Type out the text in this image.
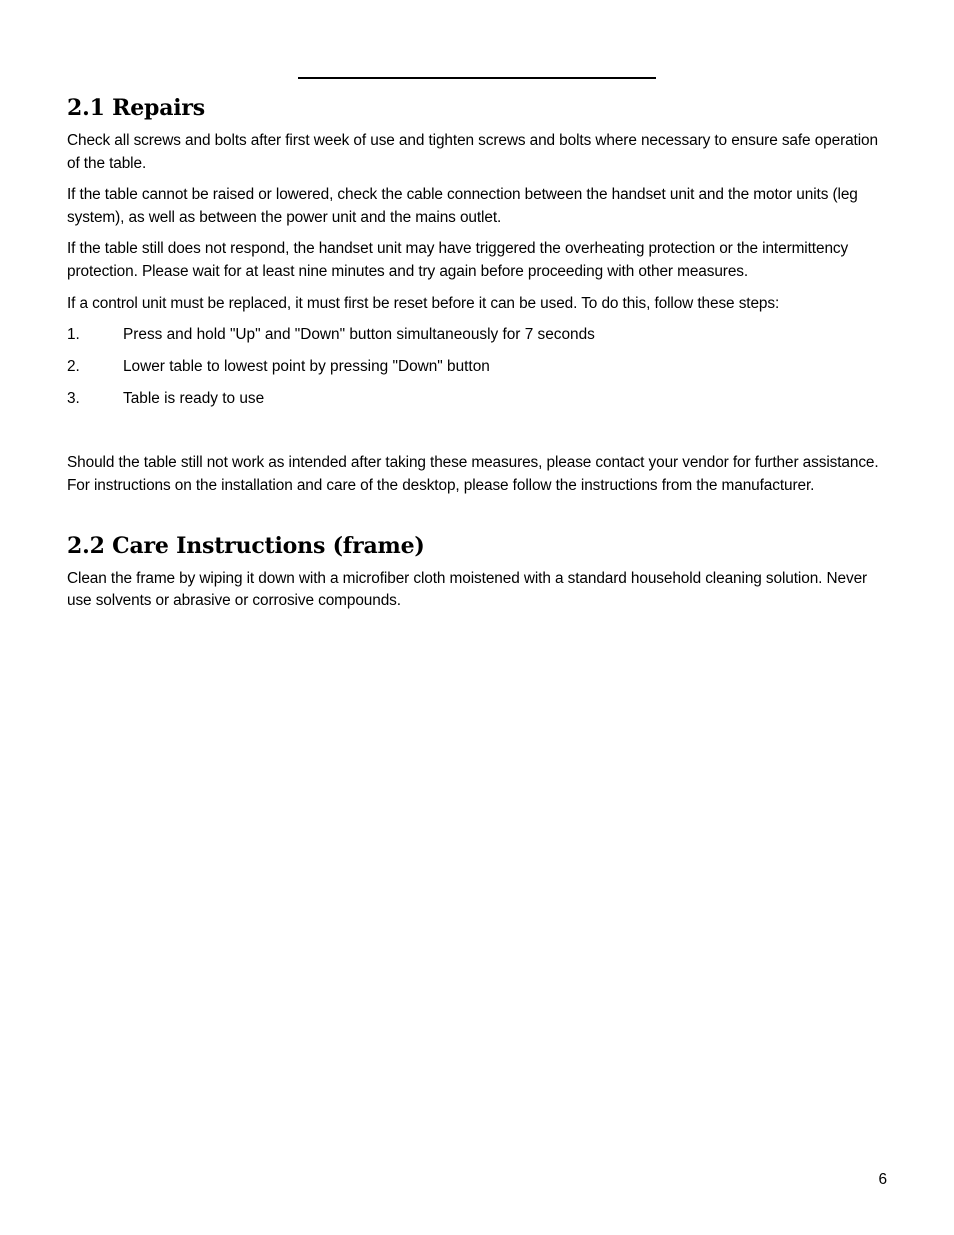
2.1 Repairs

Check all screws and bolts after first week of use and tighten screws and bolts where necessary to ensure safe operation of the table.

If the table cannot be raised or lowered, check the cable connection between the handset unit and the motor units (leg system), as well as between the power unit and the mains outlet.

If the table still does not respond, the handset unit may have triggered the overheating protection or the intermittency protection. Please wait for at least nine minutes and try again before proceeding with other measures.

If a control unit must be replaced, it must first be reset before it can be used. To do this, follow these steps:

1.	Press and hold "Up" and "Down" button simultaneously for 7 seconds
2.	Lower table to lowest point by pressing "Down" button
3.	Table is ready to use

Should the table still not work as intended after taking these measures, please contact your vendor for further assistance. For instructions on the installation and care of the desktop, please follow the instructions from the manufacturer.

2.2 Care Instructions (frame)

Clean the frame by wiping it down with a microfiber cloth moistened with a standard household cleaning solution. Never use solvents or abrasive or corrosive compounds.

6
